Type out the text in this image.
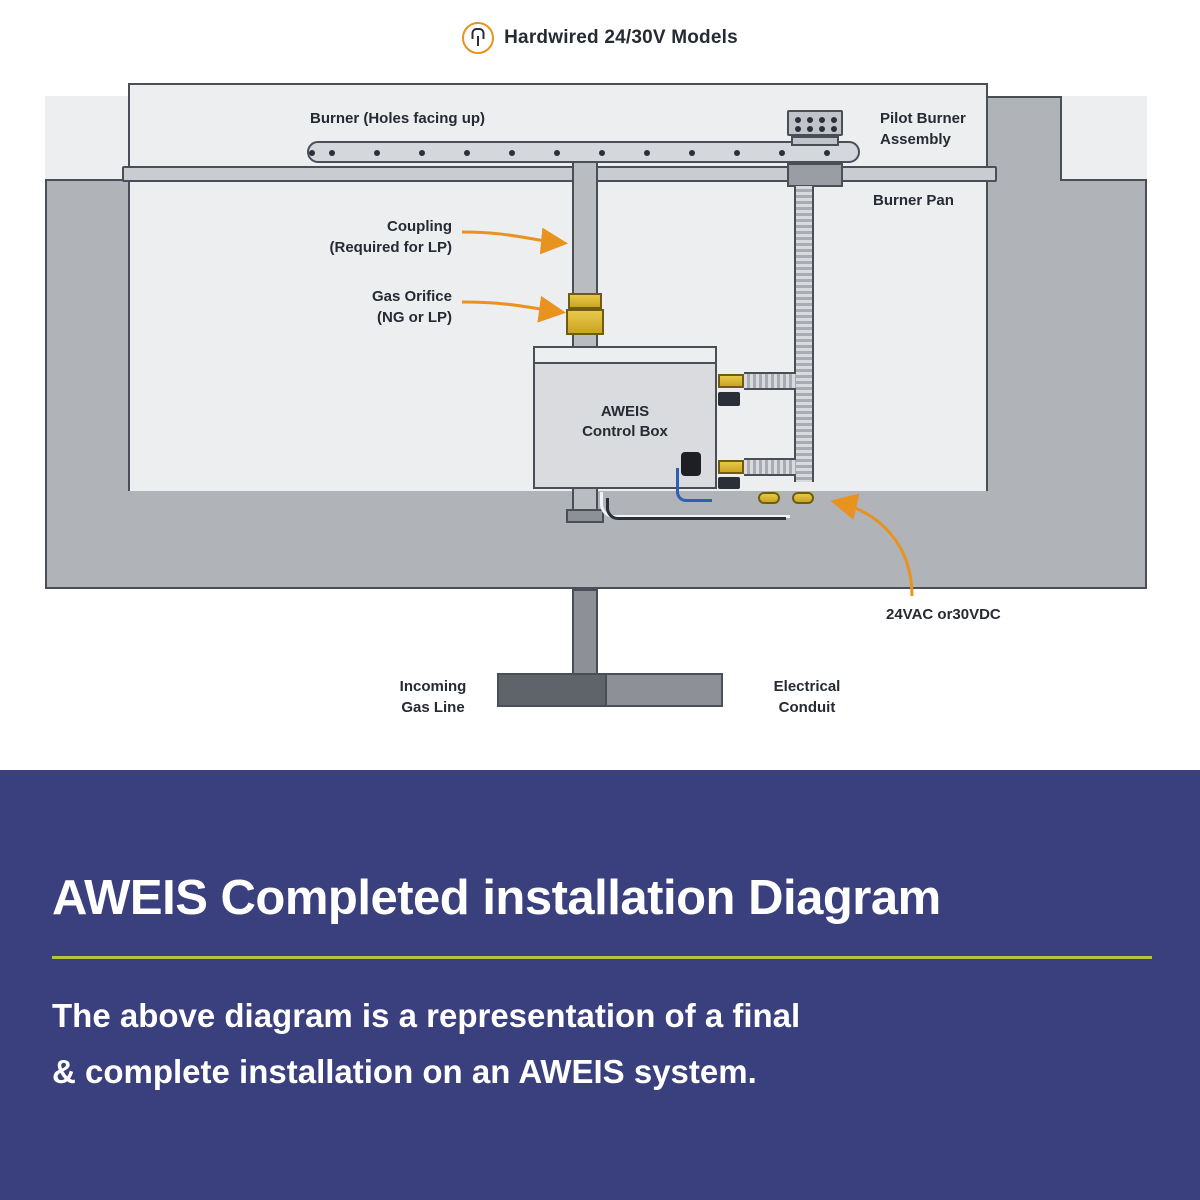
Hardwired 24/30V Models
AWEIS
Control Box
Burner (Holes facing up)	Pilot Burner
Assembly
Burner Pan
Coupling
(Required for LP)
Gas Orifice
(NG or LP)
24VAC or30VDC
Incoming
Gas Line
Electrical
Conduit
AWEIS Completed installation Diagram
The above diagram is a representation of a final
& complete installation on an AWEIS system.
